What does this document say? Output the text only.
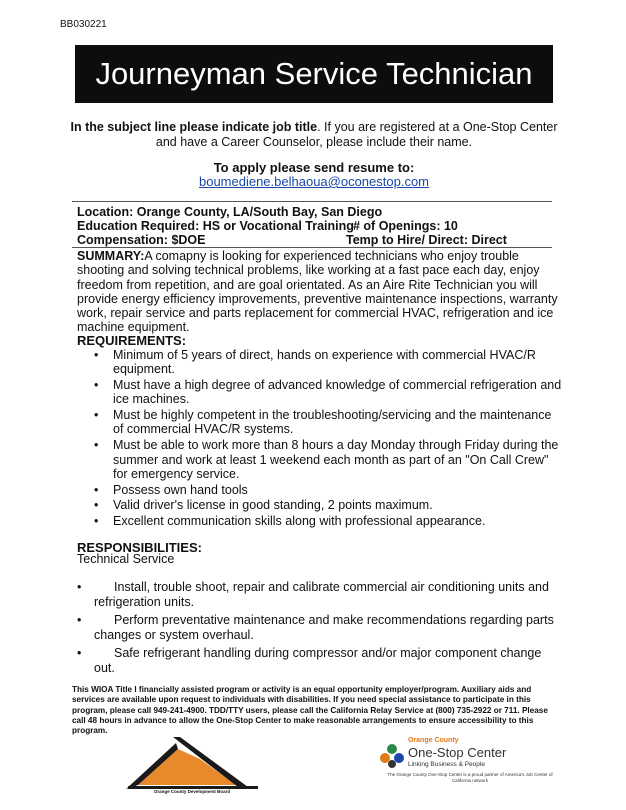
BB030221
Journeyman Service Technician
In the subject line please indicate job title. If you are registered at a One-Stop Center and have a Career Counselor, please include their name.
To apply please send resume to:
boumediene.belhaoua@oconestop.com
Location: Orange County, LA/South Bay, San Diego
Education Required: HS or Vocational Training # of Openings: 10
Compensation: $DOE	Temp to Hire/ Direct: Direct
SUMMARY:A comapny is looking for experienced technicians who enjoy trouble shooting and solving technical problems, like working at a fast pace each day, enjoy freedom from repetition, and are goal orientated. As an Aire Rite Technician you will provide energy efficiency improvements, preventive maintenance inspections, warranty work, repair service and parts replacement for commercial HVAC, refrigeration and ice machine equipment.
REQUIREMENTS:
• Minimum of 5 years of direct, hands on experience with commercial HVAC/R equipment.
• Must have a high degree of advanced knowledge of commercial refrigeration and ice machines.
• Must be highly competent in the troubleshooting/servicing and the maintenance of commercial HVAC/R systems.
• Must be able to work more than 8 hours a day Monday through Friday during the summer and work at least 1 weekend each month as part of an "On Call Crew" for emergency service.
• Possess own hand tools
• Valid driver's license in good standing, 2 points maximum.
• Excellent communication skills along with professional appearance.
RESPONSIBILITIES:
Technical Service
•	Install, trouble shoot, repair and calibrate commercial air conditioning units and refrigeration units.
•	Perform preventative maintenance and make recommendations regarding parts changes or system overhaul.
•	Safe refrigerant handling during compressor and/or major component change out.
This WIOA Title I financially assisted program or activity is an equal opportunity employer/program. Auxiliary aids and services are available upon request to individuals with disabilities. If you need special assistance to participate in this program, please call 949-241-4900. TDD/TTY users, please call the California Relay Service at (800) 735-2922 or 711. Please call 48 hours in advance to allow the One-Stop Center to make reasonable arrangements to ensure accessibility to this program.
Orange County Development Board
Orange County
One-Stop Center
Linking Business & People
The Orange County One-Stop Center is a proud partner of America's Job Center of California network
